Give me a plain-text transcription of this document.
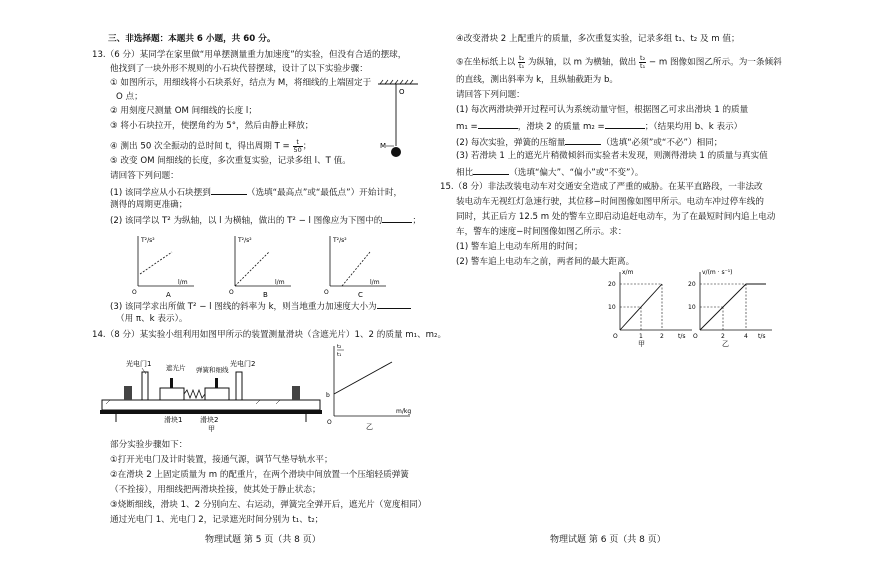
三、非选择题：本题共 6 小题，共 60 分。
13.（6 分）某同学在家里做“用单摆测量重力加速度”的实验，但没有合适的摆球，
他找到了一块外形不规则的小石块代替摆球，设计了以下实验步骤：
① 如图所示，用细线将小石块系好，结点为 M，将细线的上端固定于
O 点；
② 用刻度尺测量 OM 间细线的长度 l；
③ 将小石块拉开，使摆角约为 5°，然后由静止释放；
④ 测出 50 次全振动的总时间 t，得出周期 $T = \frac{t}{50}$ ；
⑤ 改变 OM 间细线的长度，多次重复实验，记录多组 l、T 值。
请回答下列问题：
(1) 该同学应从小石块摆到	（选填“最高点”或“最低点”）开始计时，
测得的周期更准确；
(2) 该同学以 T² 为纵轴，以 l 为横轴，做出的 T² − l 图像应为下图中的	；
O
M
T²/s²
l/m
O	A
T²/s²
l/m
O	B
T²/s²
l/m
O	C
(3) 该同学求出所做 T² − l 图线的斜率为 k，则当地重力加速度大小为
（用 π、k 表示）。
14.（8 分）某实验小组利用如图甲所示的装置测量滑块（含遮光片）1、2 的质量 m₁、m₂。
光电门1 遮光片 弹簧和细线
光电门2
滑块1	滑块2
甲
t₂
t₁
b
m/kg
O
乙
部分实验步骤如下：
①打开光电门及计时装置，接通气源，调节气垫导轨水平；
②在滑块 2 上固定质量为 m 的配重片，在两个滑块中间放置一个压缩轻质弹簧
（不拴接），用细线把两滑块拴接，使其处于静止状态；
③烧断细线，滑块 1、2 分别向左、右运动，弹簧完全弹开后，遮光片（宽度相同）
通过光电门 1、光电门 2，记录遮光时间分别为 t₁、t₂；
物理试题 第 5 页（共 8 页）
④改变滑块 2 上配重片的质量，多次重复实验，记录多组 t₁、t₂ 及 m 值；
⑤在坐标纸上以 $\frac{\text{t₂}}{\text{t₁}}$ 为纵轴，以 m 为横轴，做出 $\frac{\text{t₂}}{\text{t₁}} - m$ 图像如图乙所示。为一条倾斜
的直线，测出斜率为 k，且纵轴截距为 b。
请回答下列问题：
(1) 每次两滑块弹开过程可认为系统动量守恒，根据图乙可求出滑块 1 的质量
m₁ =	，滑块 2 的质量 m₂ =	；（结果均用 b、k 表示）
(2) 每次实验，弹簧的压缩量	（选填“必须”或“不必”）相同；
(3) 若滑块 1 上的遮光片稍微倾斜而实验者未发现，则测得滑块 1 的质量与真实值
相比	（选填“偏大”、“偏小”或“不变”）。
15.（8 分）非法改装电动车对交通安全造成了严重的威胁。在某平直路段，一非法改
装电动车无视红灯急速行驶，其位移−时间图像如图甲所示。电动车冲过停车线的
同时，其正后方 12.5 m 处的警车立即启动追赶电动车，为了在最短时间内追上电动
车，警车的速度−时间图像如图乙所示。求：
(1) 警车追上电动车所用的时间；
(2) 警车追上电动车之前，两者间的最大距离。
x/m
20
10
1	2 t/s
O
甲
v/(m · s⁻¹)
20
10
2	4 t/s
O
乙
物理试题 第 6 页（共 8 页）
